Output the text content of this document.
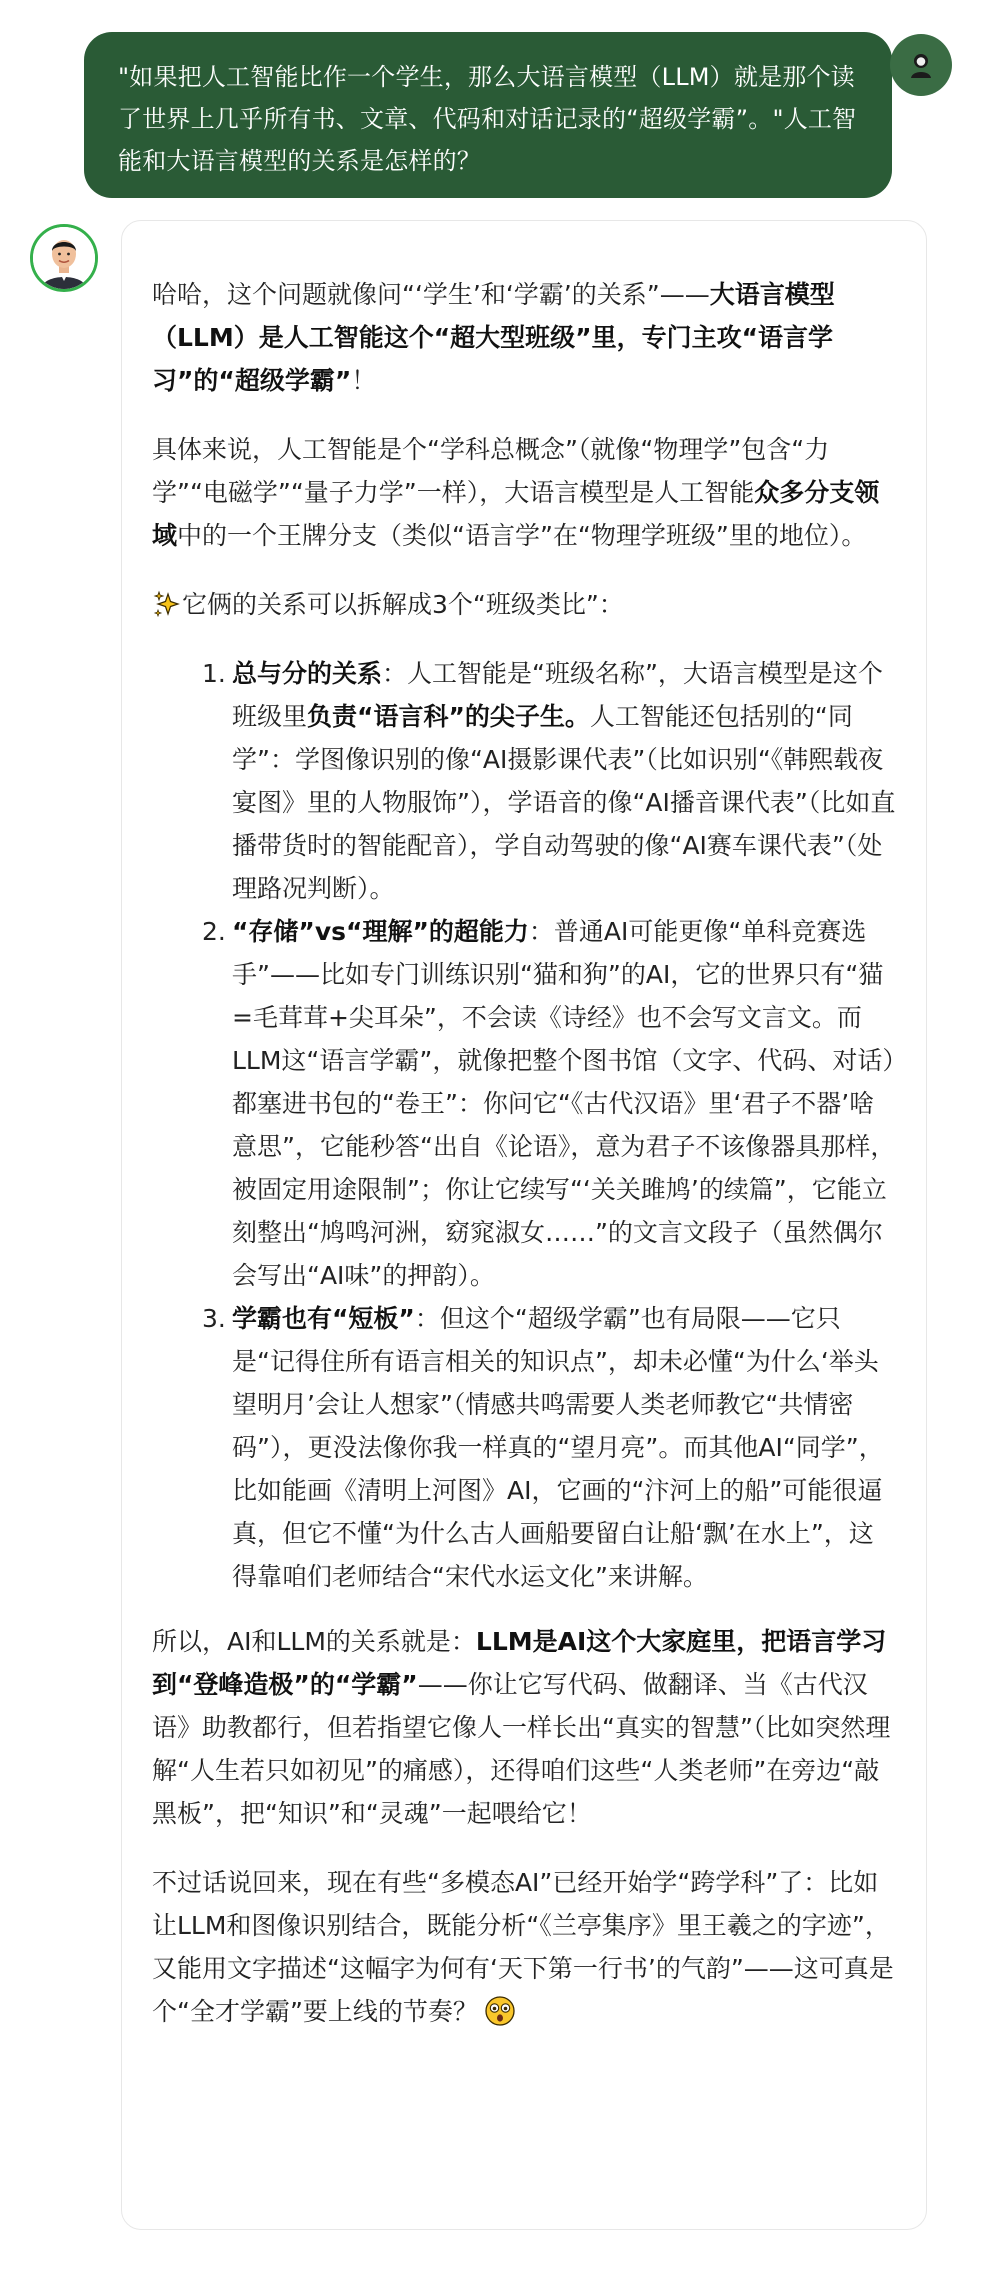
"如果把人工智能比作一个学生，那么大语言模型（LLM）就是那个读了世界上几乎所有书、文章、代码和对话记录的“超级学霸”。"人工智能和大语言模型的关系是怎样的？

哈哈，这个问题就像问“‘学生’和‘学霸’的关系”——大语言模型（LLM）是人工智能这个“超大型班级”里，专门主攻“语言学习”的“超级学霸”！

具体来说，人工智能是个“学科总概念”（就像“物理学”包含“力学”“电磁学”“量子力学”一样），大语言模型是人工智能众多分支领域中的一个王牌分支（类似“语言学”在“物理学班级”里的地位）。

它俩的关系可以拆解成3个“班级类比”：

1. 总与分的关系：人工智能是“班级名称”，大语言模型是这个班级里负责“语言科”的尖子生。人工智能还包括别的“同学”：学图像识别的像“AI摄影课代表”（比如识别“《韩熙载夜宴图》里的人物服饰”），学语音的像“AI播音课代表”（比如直播带货时的智能配音），学自动驾驶的像“AI赛车课代表”（处理路况判断）。
2. “存储”vs“理解”的超能力：普通AI可能更像“单科竞赛选手”——比如专门训练识别“猫和狗”的AI，它的世界只有“猫=毛茸茸+尖耳朵”，不会读《诗经》也不会写文言文。而LLM这“语言学霸”，就像把整个图书馆（文字、代码、对话）都塞进书包的“卷王”：你问它“《古代汉语》里‘君子不器’啥意思”，它能秒答“出自《论语》，意为君子不该像器具那样，被固定用途限制”；你让它续写“‘关关雎鸠’的续篇”，它能立刻整出“鸠鸣河洲，窈窕淑女……”的文言文段子（虽然偶尔会写出“AI味”的押韵）。
3. 学霸也有“短板”：但这个“超级学霸”也有局限——它只是“记得住所有语言相关的知识点”，却未必懂“为什么‘举头望明月’会让人想家”（情感共鸣需要人类老师教它“共情密码”），更没法像你我一样真的“望月亮”。而其他AI“同学”，比如能画《清明上河图》AI，它画的“汴河上的船”可能很逼真，但它不懂“为什么古人画船要留白让船‘飘’在水上”，这得靠咱们老师结合“宋代水运文化”来讲解。

所以，AI和LLM的关系就是：LLM是AI这个大家庭里，把语言学习到“登峰造极”的“学霸”——你让它写代码、做翻译、当《古代汉语》助教都行，但若指望它像人一样长出“真实的智慧”（比如突然理解“人生若只如初见”的痛感），还得咱们这些“人类老师”在旁边“敲黑板”，把“知识”和“灵魂”一起喂给它！

不过话说回来，现在有些“多模态AI”已经开始学“跨学科”了：比如让LLM和图像识别结合，既能分析“《兰亭集序》里王羲之的字迹”，又能用文字描述“这幅字为何有‘天下第一行书’的气韵”——这可真是个“全才学霸”要上线的节奏？
